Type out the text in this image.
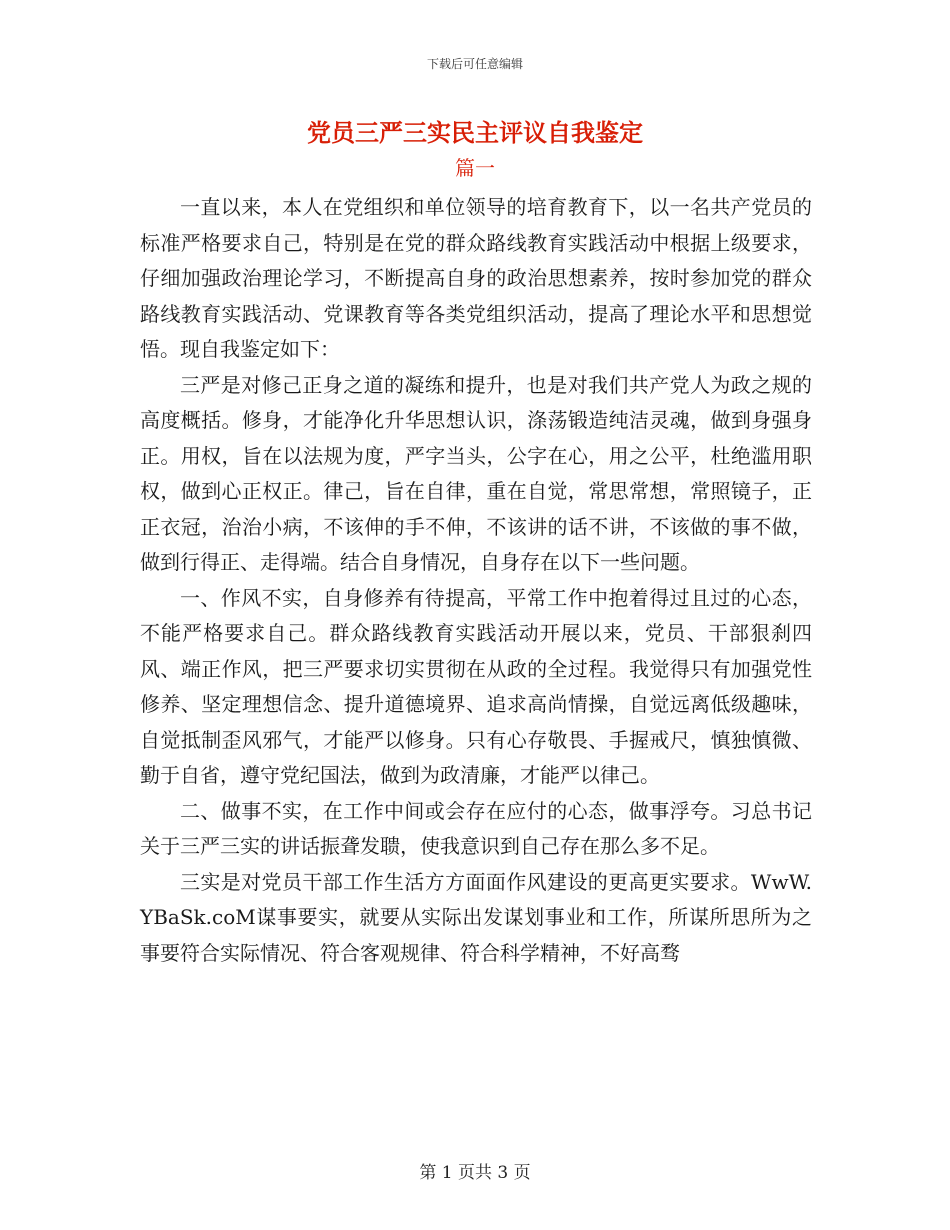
下载后可任意编辑
党员三严三实民主评议自我鉴定
篇一

一直以来，本人在党组织和单位领导的培育教育下，以一名共产党员的标准严格要求自己，特别是在党的群众路线教育实践活动中根据上级要求，仔细加强政治理论学习，不断提高自身的政治思想素养，按时参加党的群众路线教育实践活动、党课教育等各类党组织活动，提高了理论水平和思想觉悟。现自我鉴定如下：

三严是对修己正身之道的凝练和提升，也是对我们共产党人为政之规的高度概括。修身，才能净化升华思想认识，涤荡锻造纯洁灵魂，做到身强身正。用权，旨在以法规为度，严字当头，公字在心，用之公平，杜绝滥用职权，做到心正权正。律己，旨在自律，重在自觉，常思常想，常照镜子，正正衣冠，治治小病，不该伸的手不伸，不该讲的话不讲，不该做的事不做，做到行得正、走得端。结合自身情况，自身存在以下一些问题。

一、作风不实，自身修养有待提高，平常工作中抱着得过且过的心态，不能严格要求自己。群众路线教育实践活动开展以来，党员、干部狠刹四风、端正作风，把三严要求切实贯彻在从政的全过程。我觉得只有加强党性修养、坚定理想信念、提升道德境界、追求高尚情操，自觉远离低级趣味，自觉抵制歪风邪气，才能严以修身。只有心存敬畏、手握戒尺，慎独慎微、勤于自省，遵守党纪国法，做到为政清廉，才能严以律己。

二、做事不实，在工作中间或会存在应付的心态，做事浮夸。习总书记关于三严三实的讲话振聋发聩，使我意识到自己存在那么多不足。

三实是对党员干部工作生活方方面面作风建设的更高更实要求。WwW.YBaSk.coM谋事要实，就要从实际出发谋划事业和工作，所谋所思所为之事要符合实际情况、符合客观规律、符合科学精神，不好高骛

第 1 页共 3 页
